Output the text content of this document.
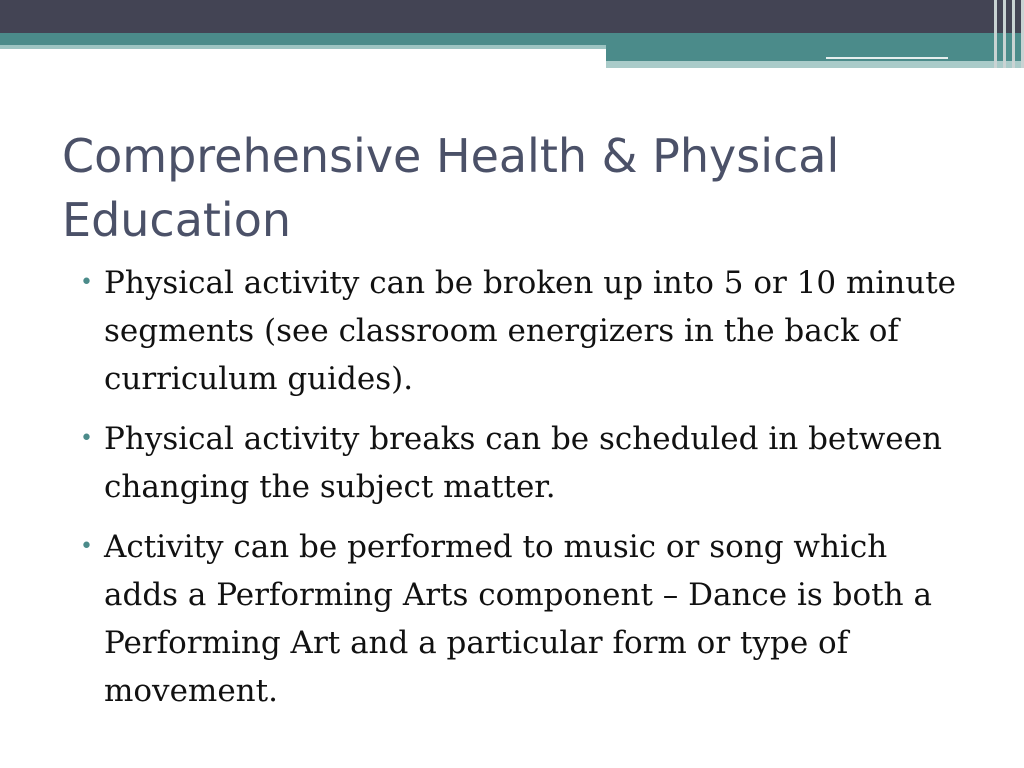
Comprehensive Health & Physical Education
• Physical activity can be broken up into 5 or 10 minute segments (see classroom energizers in the back of curriculum guides).
• Physical activity breaks can be scheduled in between changing the subject matter.
• Activity can be performed to music or song which adds a Performing Arts component – Dance is both a Performing Art and a particular form or type of movement.
